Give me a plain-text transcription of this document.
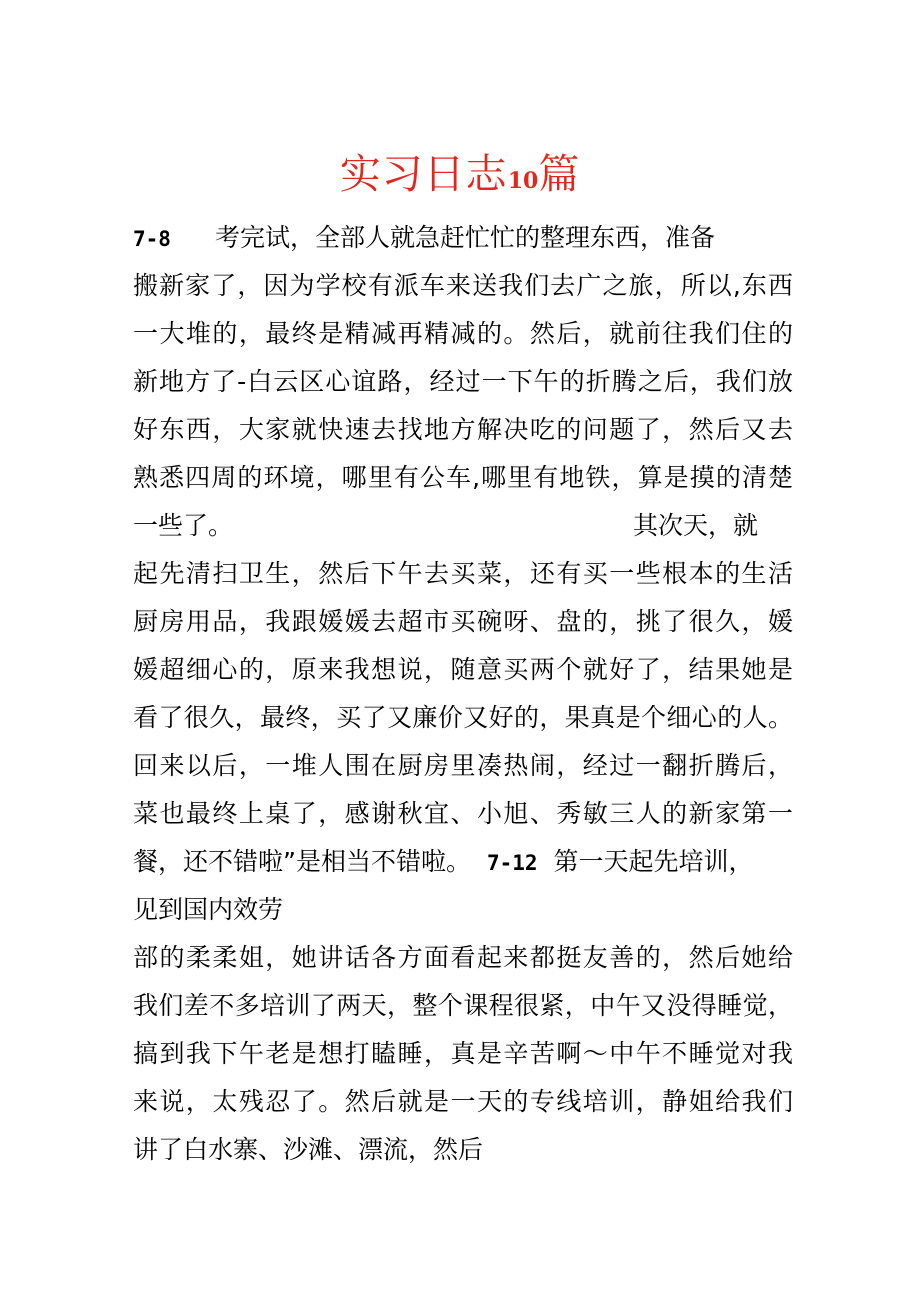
实习日志10篇
7-8 考完试，全部人就急赶忙忙的整理东西，准备
搬新家了，因为学校有派车来送我们去广之旅，所以,东西
一大堆的，最终是精减再精减的。然后，就前往我们住的
新地方了-白云区心谊路，经过一下午的折腾之后，我们放
好东西，大家就快速去找地方解决吃的问题了，然后又去
熟悉四周的环境，哪里有公车,哪里有地铁，算是摸的清楚
一些了。	其次天，就
起先清扫卫生，然后下午去买菜，还有买一些根本的生活
厨房用品，我跟媛媛去超市买碗呀、盘的，挑了很久，媛
媛超细心的，原来我想说，随意买两个就好了，结果她是
看了很久，最终，买了又廉价又好的，果真是个细心的人。
回来以后，一堆人围在厨房里凑热闹，经过一翻折腾后，
菜也最终上桌了，感谢秋宜、小旭、秀敏三人的新家第一
餐，还不错啦”是相当不错啦。 7-12 第一天起先培训，
见到国内效劳
部的柔柔姐，她讲话各方面看起来都挺友善的，然后她给
我们差不多培训了两天，整个课程很紧，中午又没得睡觉，
搞到我下午老是想打瞌睡，真是辛苦啊～中午不睡觉对我
来说，太残忍了。然后就是一天的专线培训，静姐给我们
讲了白水寨、沙滩、漂流，然后
